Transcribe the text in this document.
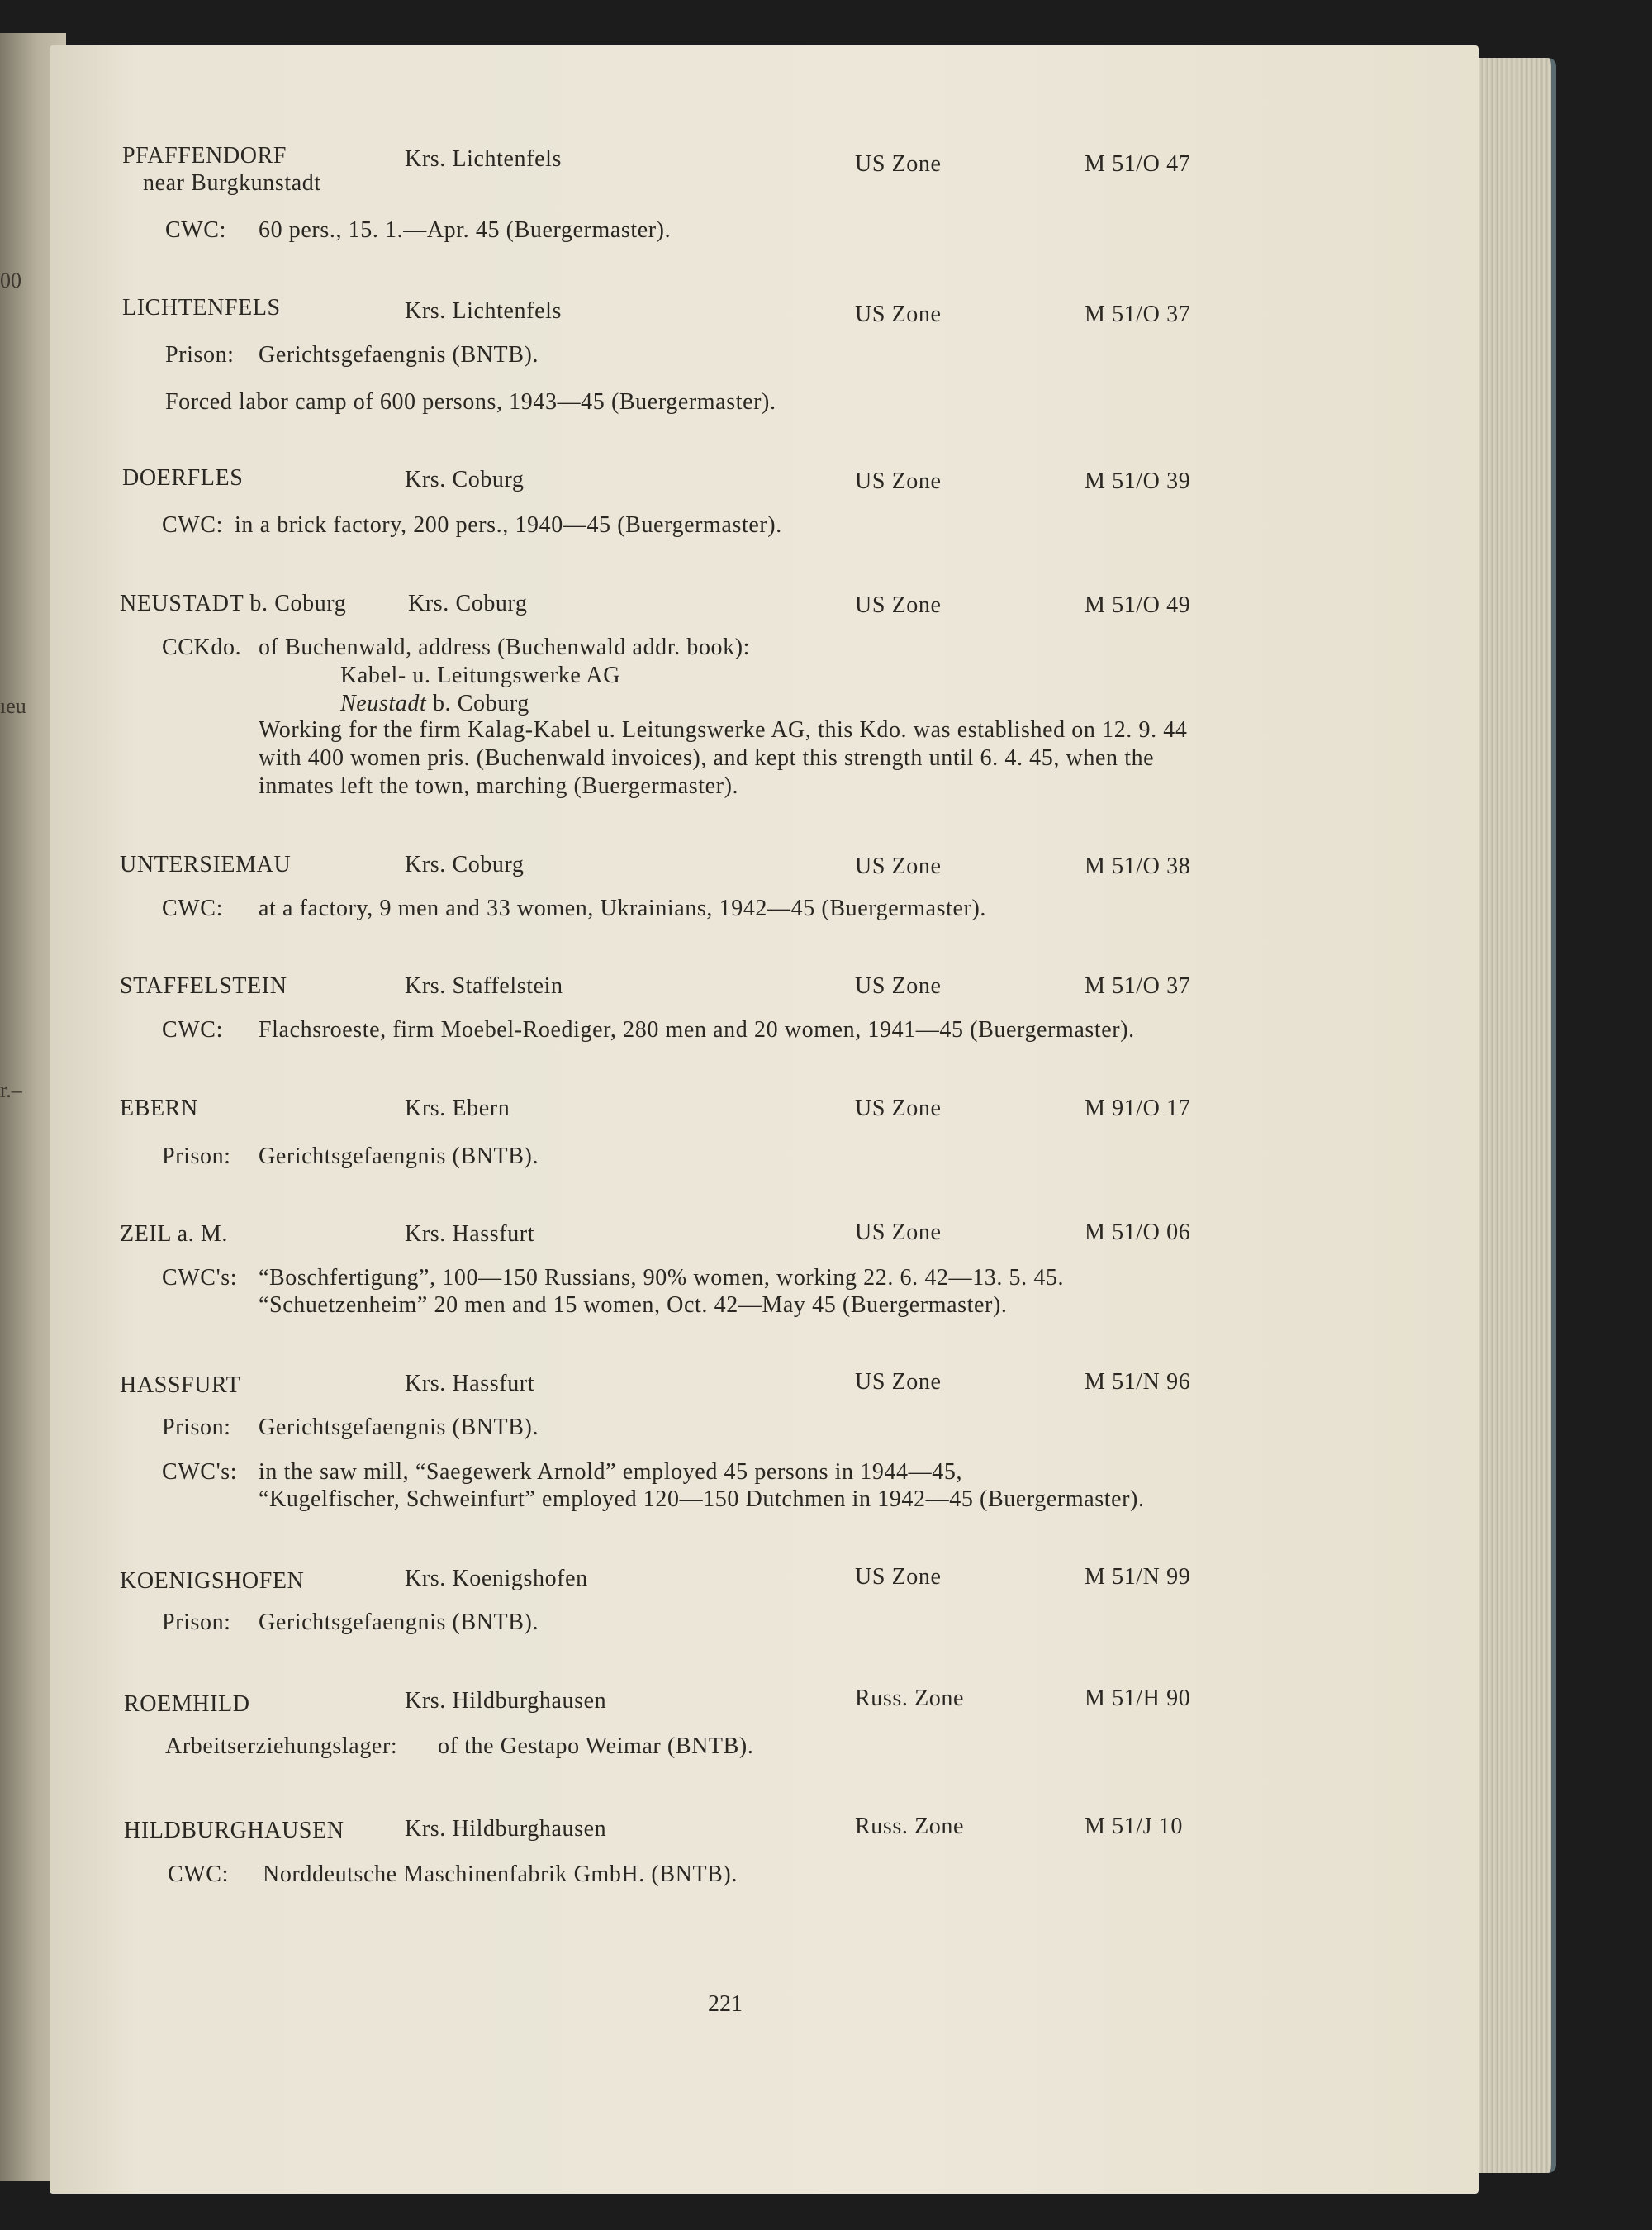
00
ıeu
r.–
PFAFFENDORF	Krs. Lichtenfels	US Zone	M 51/O 47
near Burgkunstadt
CWC: 60 pers., 15. 1.—Apr. 45 (Buergermaster).
LICHTENFELS	Krs. Lichtenfels	US Zone	M 51/O 37
Prison: Gerichtsgefaengnis (BNTB).
Forced labor camp of 600 persons, 1943—45 (Buergermaster).
DOERFLES	Krs. Coburg	US Zone	M 51/O 39
CWC: in a brick factory, 200 pers., 1940—45 (Buergermaster).
NEUSTADT b. Coburg	Krs. Coburg	US Zone	M 51/O 49
CCKdo. of Buchenwald, address (Buchenwald addr. book):
Kabel- u. Leitungswerke AG
Neustadt b. Coburg
Working for the firm Kalag-Kabel u. Leitungswerke AG, this Kdo. was established on 12. 9. 44
with 400 women pris. (Buchenwald invoices), and kept this strength until 6. 4. 45, when the
inmates left the town, marching (Buergermaster).
UNTERSIEMAU	Krs. Coburg	US Zone	M 51/O 38
CWC: at a factory, 9 men and 33 women, Ukrainians, 1942—45 (Buergermaster).
STAFFELSTEIN	Krs. Staffelstein	US Zone	M 51/O 37
CWC: Flachsroeste, firm Moebel-Roediger, 280 men and 20 women, 1941—45 (Buergermaster).
EBERN	Krs. Ebern	US Zone	M 91/O 17
Prison: Gerichtsgefaengnis (BNTB).
ZEIL a. M.	Krs. Hassfurt	US Zone	M 51/O 06
CWC's: “Boschfertigung”, 100—150 Russians, 90% women, working 22. 6. 42—13. 5. 45.
“Schuetzenheim” 20 men and 15 women, Oct. 42—May 45 (Buergermaster).
HASSFURT	Krs. Hassfurt	US Zone	M 51/N 96
Prison: Gerichtsgefaengnis (BNTB).
CWC's: in the saw mill, “Saegewerk Arnold” employed 45 persons in 1944—45,
“Kugelfischer, Schweinfurt” employed 120—150 Dutchmen in 1942—45 (Buergermaster).
KOENIGSHOFEN	Krs. Koenigshofen	US Zone	M 51/N 99
Prison: Gerichtsgefaengnis (BNTB).
ROEMHILD	Krs. Hildburghausen	Russ. Zone	M 51/H 90
Arbeitserziehungslager: of the Gestapo Weimar (BNTB).
HILDBURGHAUSEN	Krs. Hildburghausen	Russ. Zone	M 51/J 10
CWC: Norddeutsche Maschinenfabrik GmbH. (BNTB).
221
